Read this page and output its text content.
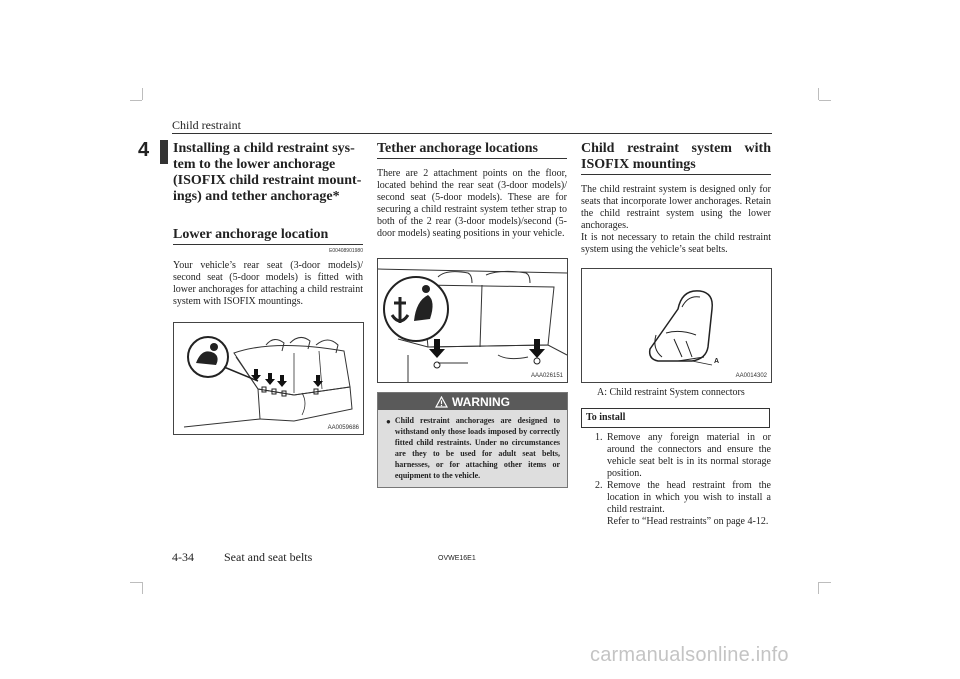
Child restraint
4 Installing a child restraint sys-
tem to the lower anchorage
(ISOFIX child restraint mount-
ings) and tether anchorage*
Lower anchorage location
E00408901980

Your vehicle’s rear seat (3-door models)/ second seat (5-door models) is fitted with lower anchorages for attaching a child restraint system with ISOFIX mountings.

AA0059686
Tether anchorage locations

There are 2 attachment points on the floor, located behind the rear seat (3-door models)/ second seat (5-door models). These are for securing a child restraint system tether strap to both of the 2 rear (3-door models)/second (5-door models) seating positions in your vehicle.

AAA026151
WARNING
● Child restraint anchorages are designed to withstand only those loads imposed by correctly fitted child restraints. Under no circumstances are they to be used for adult seat belts, harnesses, or for attaching other items or equipment to the vehicle.
Child restraint system with
ISOFIX mountings

The child restraint system is designed only for seats that incorporate lower anchorages. Retain the child restraint system using the lower anchorages.

It is not necessary to retain the child restraint system using the vehicle’s seat belts.

A
AA0014302
A: Child restraint System connectors
To install
1. Remove any foreign material in or around the connectors and ensure the vehicle seat belt is in its normal storage position.
2. Remove the head restraint from the location in which you wish to install a child restraint.
Refer to “Head restraints” on page 4-12.
4-34	Seat and seat belts	OVWE16E1
carmanualsonline.info
